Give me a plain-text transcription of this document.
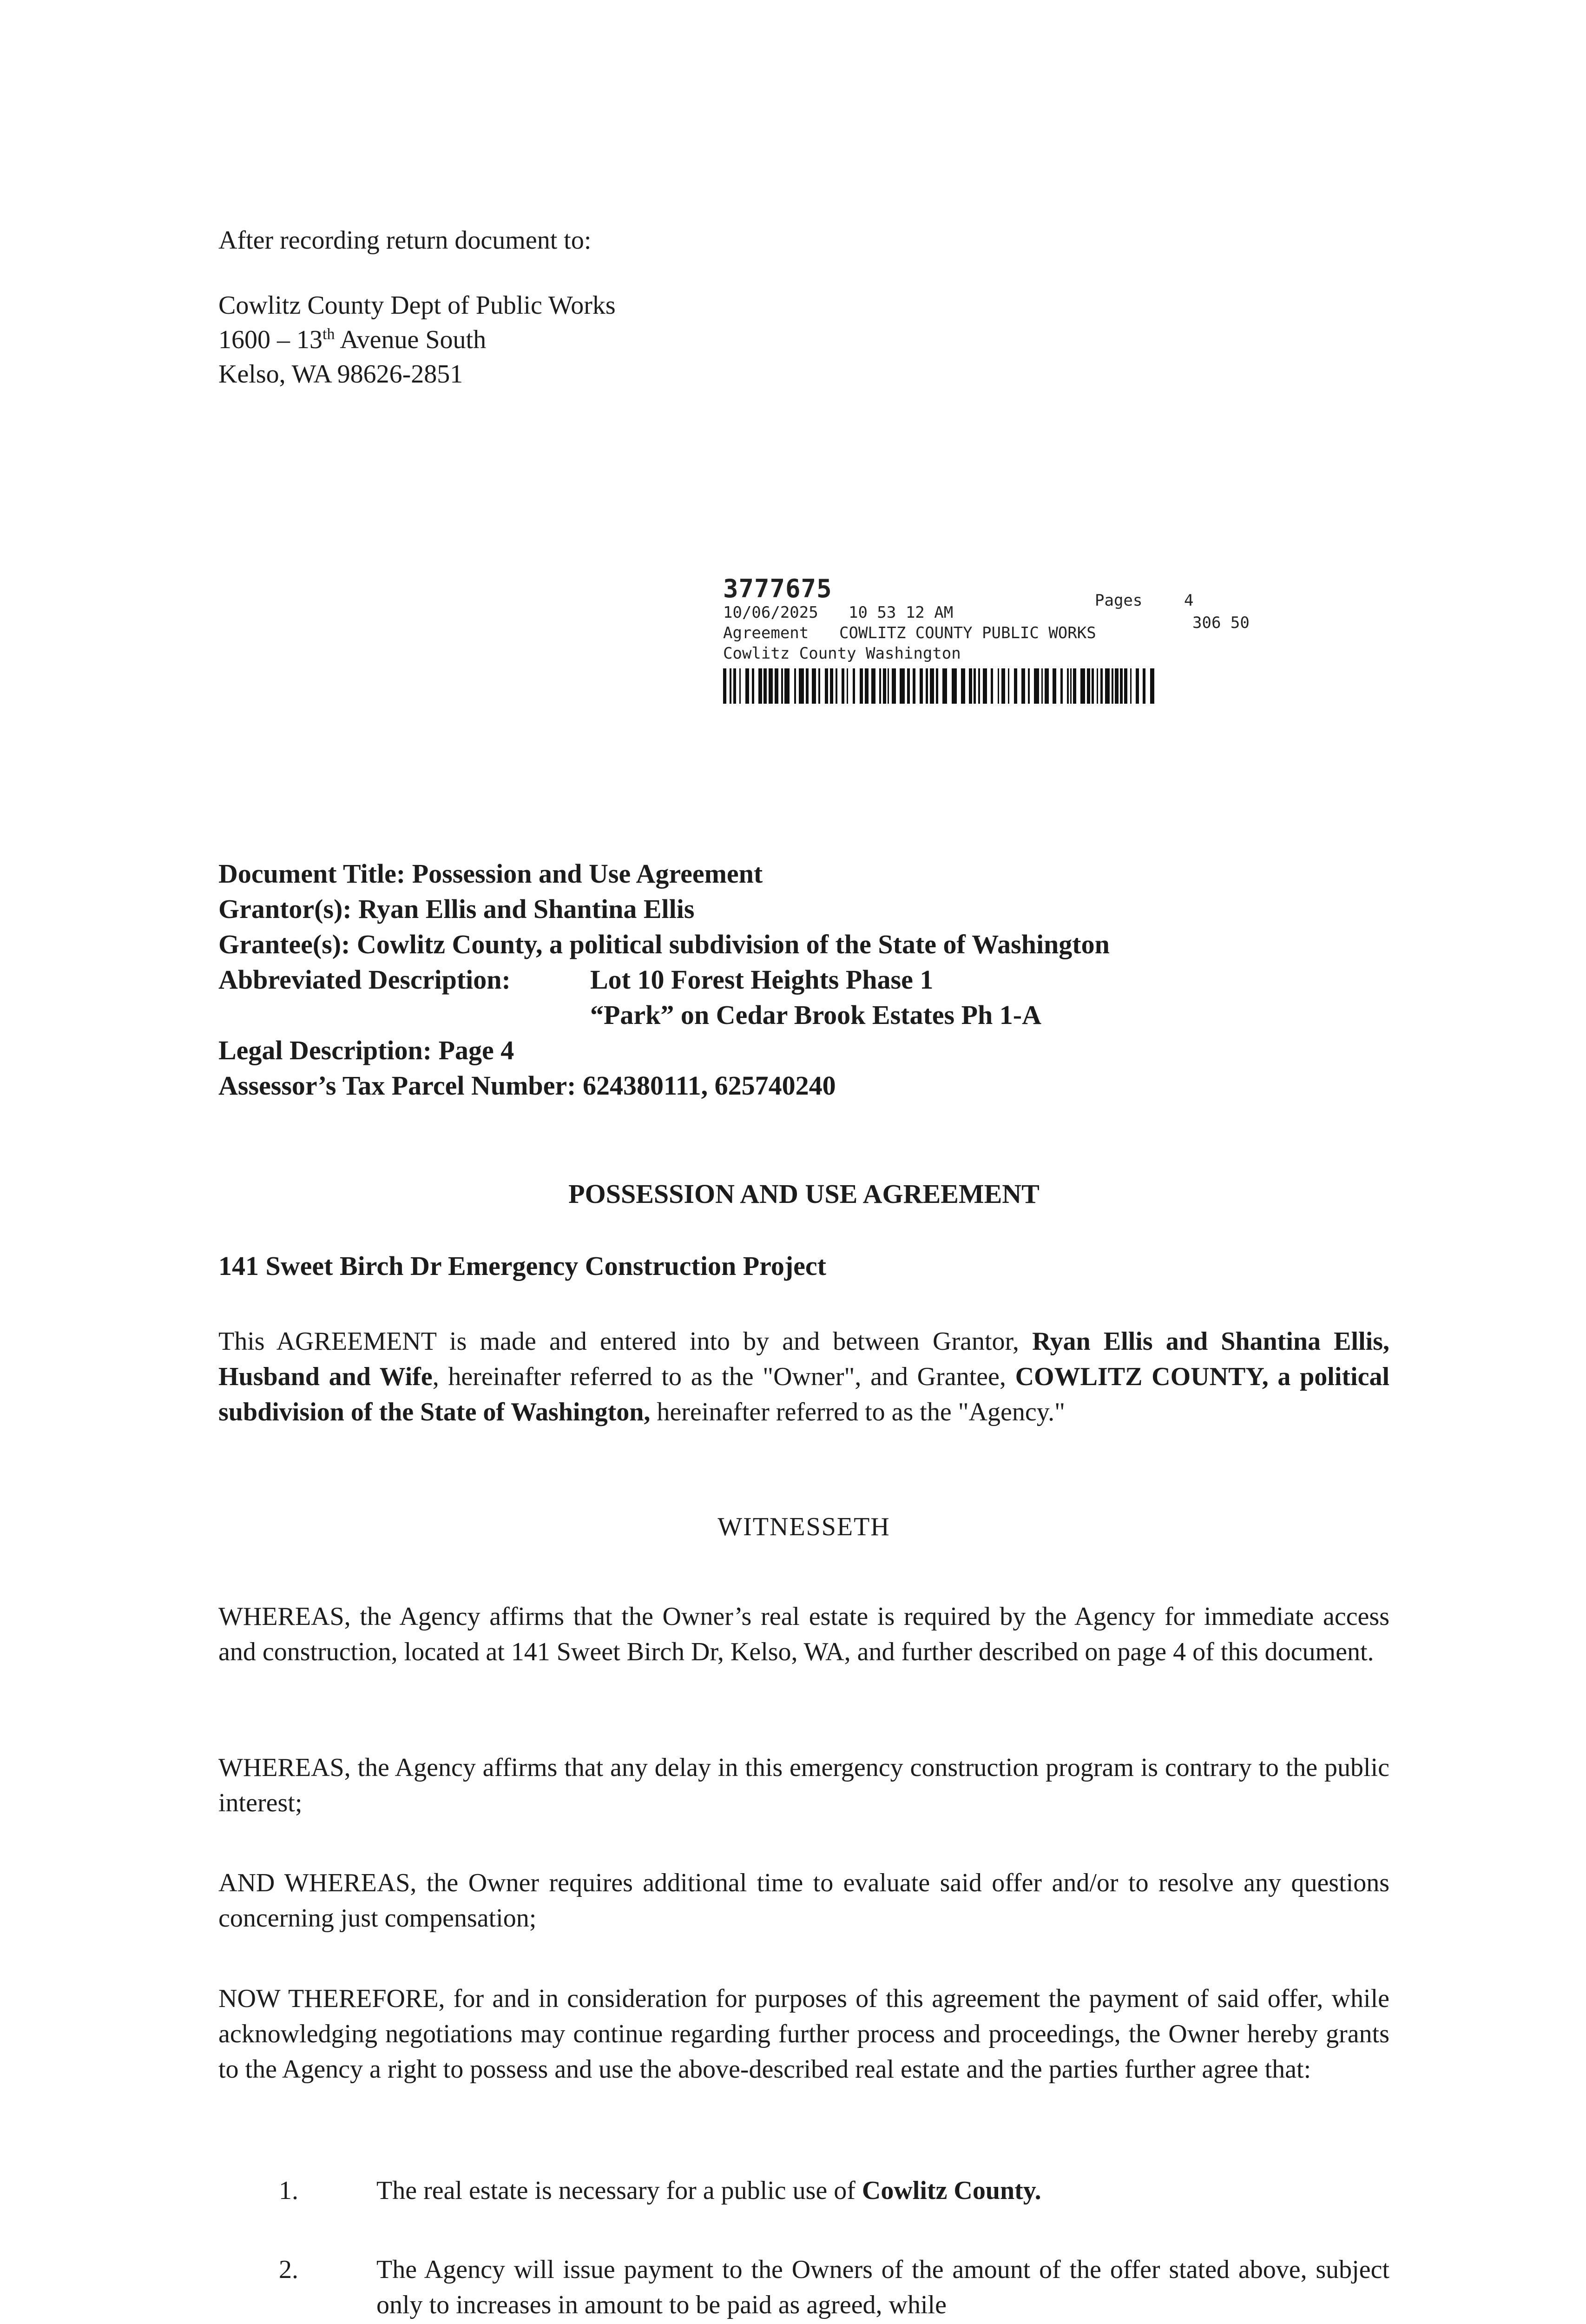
After recording return document to:
Cowlitz County Dept of Public Works
1600 – 13th Avenue South
Kelso, WA 98626-2851
3777675
10/06/2025 10 53 12 AM
Pages	4
Agreement COWLITZ COUNTY PUBLIC WORKS
306 50
Cowlitz County Washington
Document Title: Possession and Use Agreement
Grantor(s): Ryan Ellis and Shantina Ellis
Grantee(s): Cowlitz County, a political subdivision of the State of Washington
Abbreviated Description:	Lot 10 Forest Heights Phase 1
“Park” on Cedar Brook Estates Ph 1-A
Legal Description: Page 4
Assessor’s Tax Parcel Number: 624380111, 625740240
POSSESSION AND USE AGREEMENT
141 Sweet Birch Dr Emergency Construction Project
This AGREEMENT is made and entered into by and between Grantor, Ryan Ellis and Shantina Ellis, Husband and Wife, hereinafter referred to as the "Owner", and Grantee, COWLITZ COUNTY, a political subdivision of the State of Washington, hereinafter referred to as the "Agency."
WITNESSETH
WHEREAS, the Agency affirms that the Owner’s real estate is required by the Agency for immediate access and construction, located at 141 Sweet Birch Dr, Kelso, WA, and further described on page 4 of this document.
WHEREAS, the Agency affirms that any delay in this emergency construction program is contrary to the public interest;
AND WHEREAS, the Owner requires additional time to evaluate said offer and/or to resolve any questions concerning just compensation;
NOW THEREFORE, for and in consideration for purposes of this agreement the payment of said offer, while acknowledging negotiations may continue regarding further process and proceedings, the Owner hereby grants to the Agency a right to possess and use the above-described real estate and the parties further agree that:
1.	The real estate is necessary for a public use of Cowlitz County.
2.	The Agency will issue payment to the Owners of the amount of the offer stated above, subject only to increases in amount to be paid as agreed, while
